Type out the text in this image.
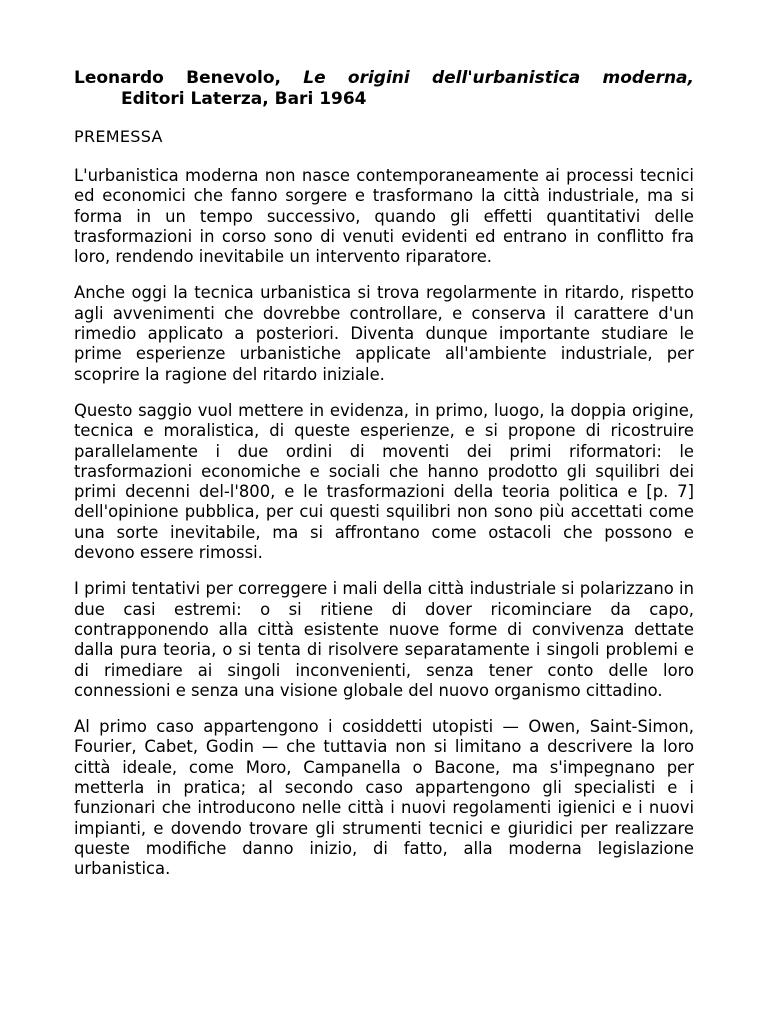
Leonardo Benevolo, Le origini dell'urbanistica moderna,

Editori Laterza, Bari 1964

PREMESSA

L'urbanistica moderna non nasce contemporaneamente ai processi tecnici ed economici che fanno sorgere e trasformano la città industriale, ma si forma in un tempo successivo, quando gli effetti quantitativi delle trasformazioni in corso sono di venuti evidenti ed entrano in conflitto fra loro, rendendo inevitabile un intervento riparatore.

Anche oggi la tecnica urbanistica si trova regolarmente in ritardo, rispetto agli avvenimenti che dovrebbe controllare, e conserva il carattere d'un rimedio applicato a posteriori. Diventa dunque importante studiare le prime esperienze urbanistiche applicate all'ambiente industriale, per scoprire la ragione del ritardo iniziale.

Questo saggio vuol mettere in evidenza, in primo, luogo, la doppia origine, tecnica e moralistica, di queste esperienze, e si propone di ricostruire parallelamente i due ordini di moventi dei primi riformatori: le trasformazioni economiche e sociali che hanno prodotto gli squilibri dei primi decenni del-l'800, e le trasformazioni della teoria politica e [p. 7] dell'opinione pubblica, per cui questi squilibri non sono più accettati come una sorte inevitabile, ma si affrontano come ostacoli che possono e devono essere rimossi.

I primi tentativi per correggere i mali della città industriale si polarizzano in due casi estremi: o si ritiene di dover ricominciare da capo, contrapponendo alla città esistente nuove forme di convivenza dettate dalla pura teoria, o si tenta di risolvere separatamente i singoli problemi e di rimediare ai singoli inconvenienti, senza tener conto delle loro connessioni e senza una visione globale del nuovo organismo cittadino.

Al primo caso appartengono i cosiddetti utopisti — Owen, Saint-Simon, Fourier, Cabet, Godin — che tuttavia non si limitano a descrivere la loro città ideale, come Moro, Campanella o Bacone, ma s'impegnano per metterla in pratica; al secondo caso appartengono gli specialisti e i funzionari che introducono nelle città i nuovi regolamenti igienici e i nuovi impianti, e dovendo trovare gli strumenti tecnici e giuridici per realizzare queste modifiche danno inizio, di fatto, alla moderna legislazione urbanistica.
